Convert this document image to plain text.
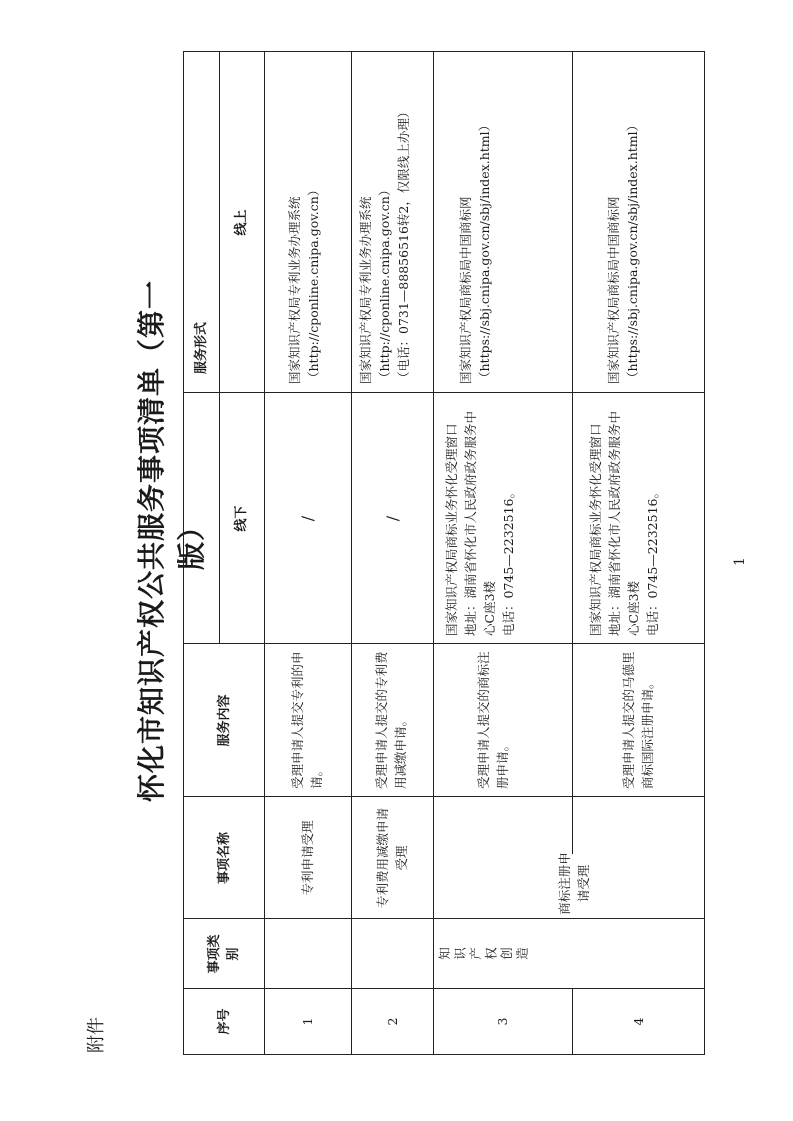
附件
怀化市知识产权公共服务事项清单（第一版）
序号
事项类别
事项名称
服务内容
服务形式
线下
线上
1
专利申请受理
受理申请人提交专利的申请。
/
国家知识产权局专利业务办理系统 （http://cponline.cnipa.gov.cn）
2
专利费用减缴申请受理
受理申请人提交的专利费用减缴申请。
/
国家知识产权局专利业务办理系统 （http://cponline.cnipa.gov.cn） （电话：0731—88856516转2，仅限线上办理）
知识产权创造
商标注册申请受理
3
受理申请人提交的商标注册申请。
国家知识产权局商标业务怀化受理窗口 地址：湖南省怀化市人民政府政务服务中心C座3楼 电话：0745—2232516。
国家知识产权局商标局中国商标网 （https://sbj.cnipa.gov.cn/sbj/index.html）
4
受理申请人提交的马德里商标国际注册申请。
国家知识产权局商标业务怀化受理窗口 地址：湖南省怀化市人民政府政务服务中心C座3楼 电话：0745—2232516。
国家知识产权局商标局中国商标网 （https://sbj.cnipa.gov.cn/sbj/index.html）
1
